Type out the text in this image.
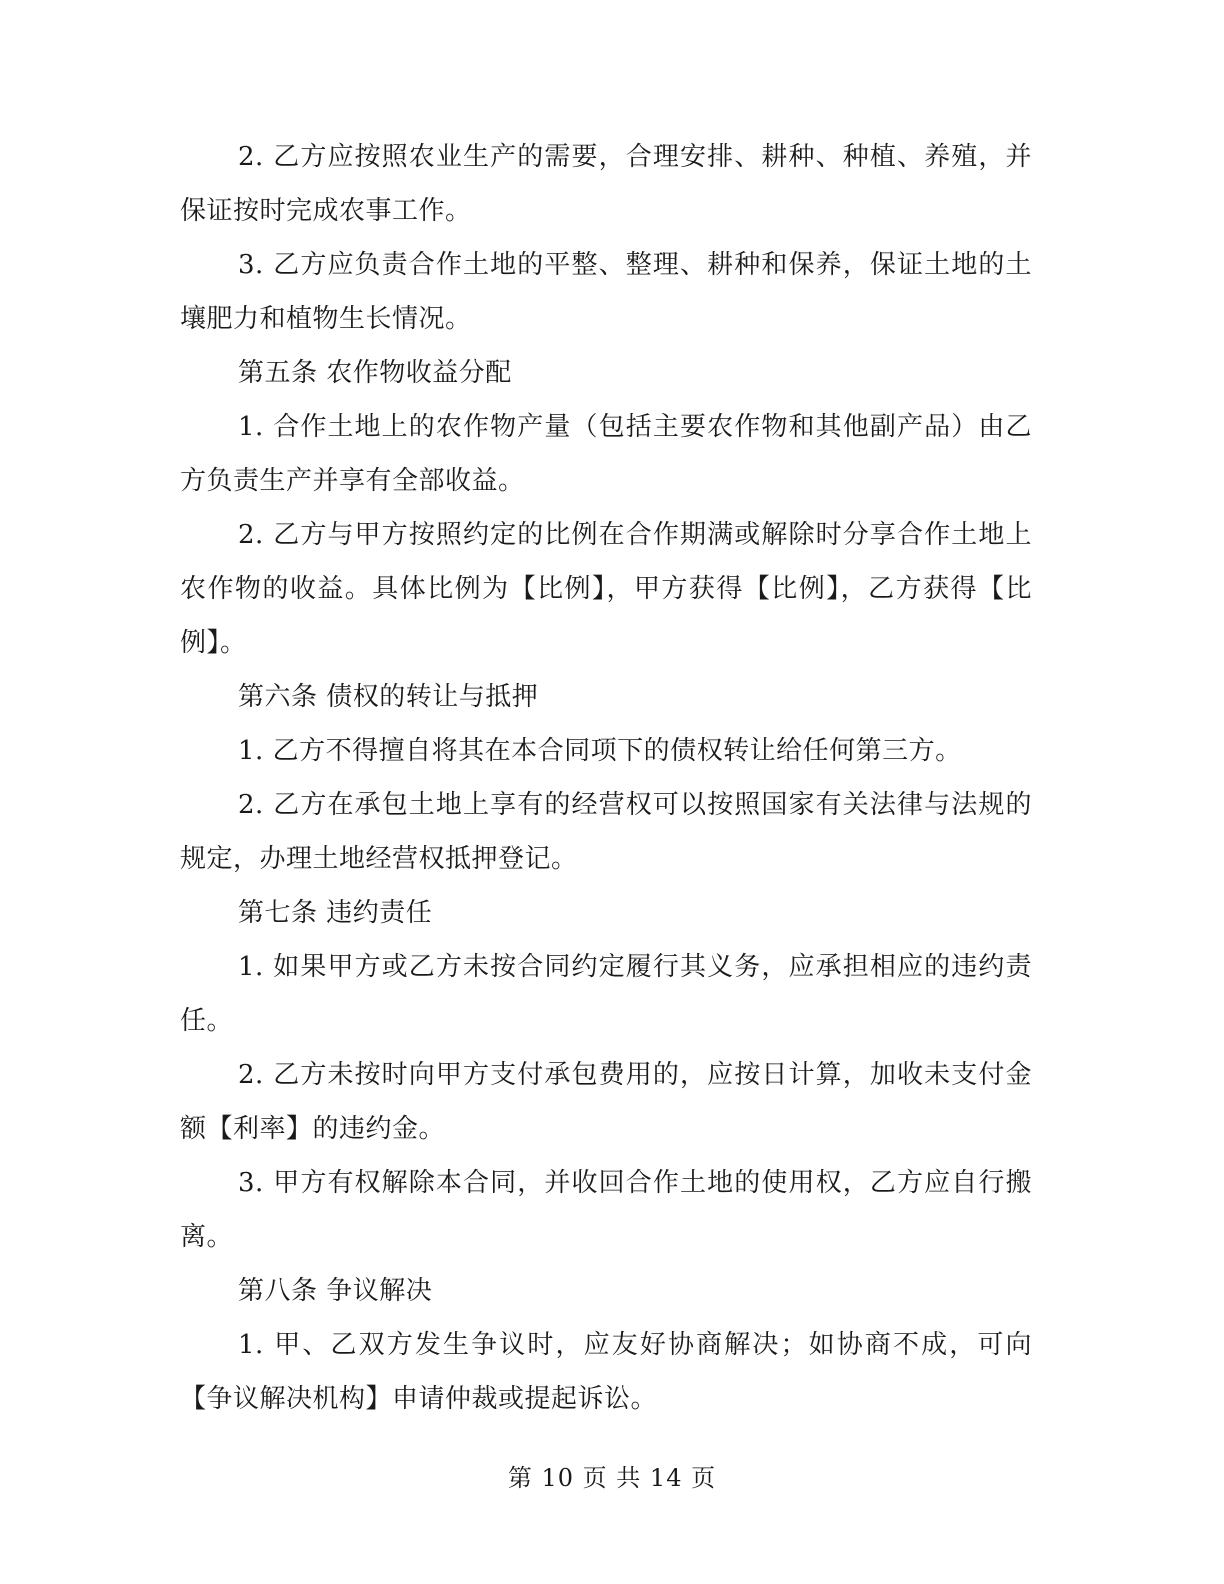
2. 乙方应按照农业生产的需要，合理安排、耕种、种植、养殖，并保证按时完成农事工作。

3. 乙方应负责合作土地的平整、整理、耕种和保养，保证土地的土壤肥力和植物生长情况。

第五条 农作物收益分配

1. 合作土地上的农作物产量（包括主要农作物和其他副产品）由乙方负责生产并享有全部收益。

2. 乙方与甲方按照约定的比例在合作期满或解除时分享合作土地上农作物的收益。具体比例为【比例】，甲方获得【比例】，乙方获得【比例】。

第六条 债权的转让与抵押

1. 乙方不得擅自将其在本合同项下的债权转让给任何第三方。

2. 乙方在承包土地上享有的经营权可以按照国家有关法律与法规的规定，办理土地经营权抵押登记。

第七条 违约责任

1. 如果甲方或乙方未按合同约定履行其义务，应承担相应的违约责任。

2. 乙方未按时向甲方支付承包费用的，应按日计算，加收未支付金额【利率】的违约金。

3. 甲方有权解除本合同，并收回合作土地的使用权，乙方应自行搬离。

第八条 争议解决

1. 甲、乙双方发生争议时，应友好协商解决；如协商不成，可向【争议解决机构】申请仲裁或提起诉讼。

第 10 页 共 14 页
